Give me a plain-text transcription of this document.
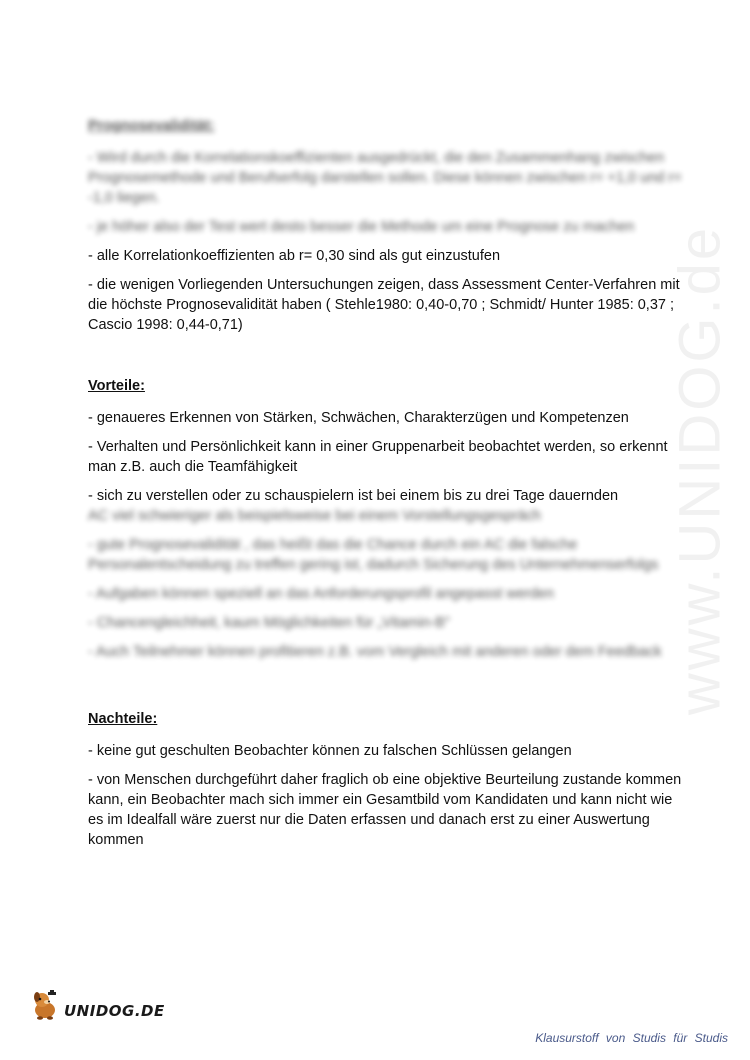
www.UNIDOG.de
Prognosevalidität:
- Wird durch die Korrelationskoeffizienten ausgedrückt, die den Zusammenhang zwischen Prognosemethode und Berufserfolg darstellen sollen. Diese können zwischen r= +1,0 und r= -1,0 liegen.
- je höher also der Test wert desto besser die Methode um eine Prognose zu machen
- alle Korrelationkoeffizienten ab r= 0,30 sind als gut einzustufen
- die wenigen Vorliegenden Untersuchungen zeigen, dass Assessment Center-Verfahren mit die höchste Prognosevalidität haben ( Stehle1980: 0,40-0,70 ; Schmidt/ Hunter 1985: 0,37 ; Cascio 1998: 0,44-0,71)
Vorteile:
- genaueres Erkennen von Stärken, Schwächen, Charakterzügen und Kompetenzen
- Verhalten und Persönlichkeit kann in einer Gruppenarbeit beobachtet werden, so erkennt man z.B. auch die Teamfähigkeit
- sich zu verstellen oder zu schauspielern ist bei einem bis zu drei Tage dauernden
AC viel schwieriger als beispielsweise bei einem Vorstellungsgespräch
- gute Prognosevalidität , das heißt das die Chance durch ein AC die falsche Personalentscheidung zu treffen gering ist, dadurch Sicherung des Unternehmenserfolgs
- Aufgaben können speziell an das Anforderungsprofil angepasst werden
- Chancengleichheit, kaum Möglichkeiten für „Vitamin-B"
- Auch Teilnehmer können profitieren z.B. vom Vergleich mit anderen oder dem Feedback
Nachteile:
- keine gut geschulten Beobachter können zu falschen Schlüssen gelangen
- von Menschen durchgeführt daher fraglich ob eine objektive Beurteilung zustande kommen kann, ein Beobachter mach sich immer ein Gesamtbild vom Kandidaten und kann nicht wie es im Idealfall wäre zuerst nur die Daten erfassen und danach erst zu einer Auswertung kommen
UNIDOG.DE
Klausurstoff von Studis für Studis
